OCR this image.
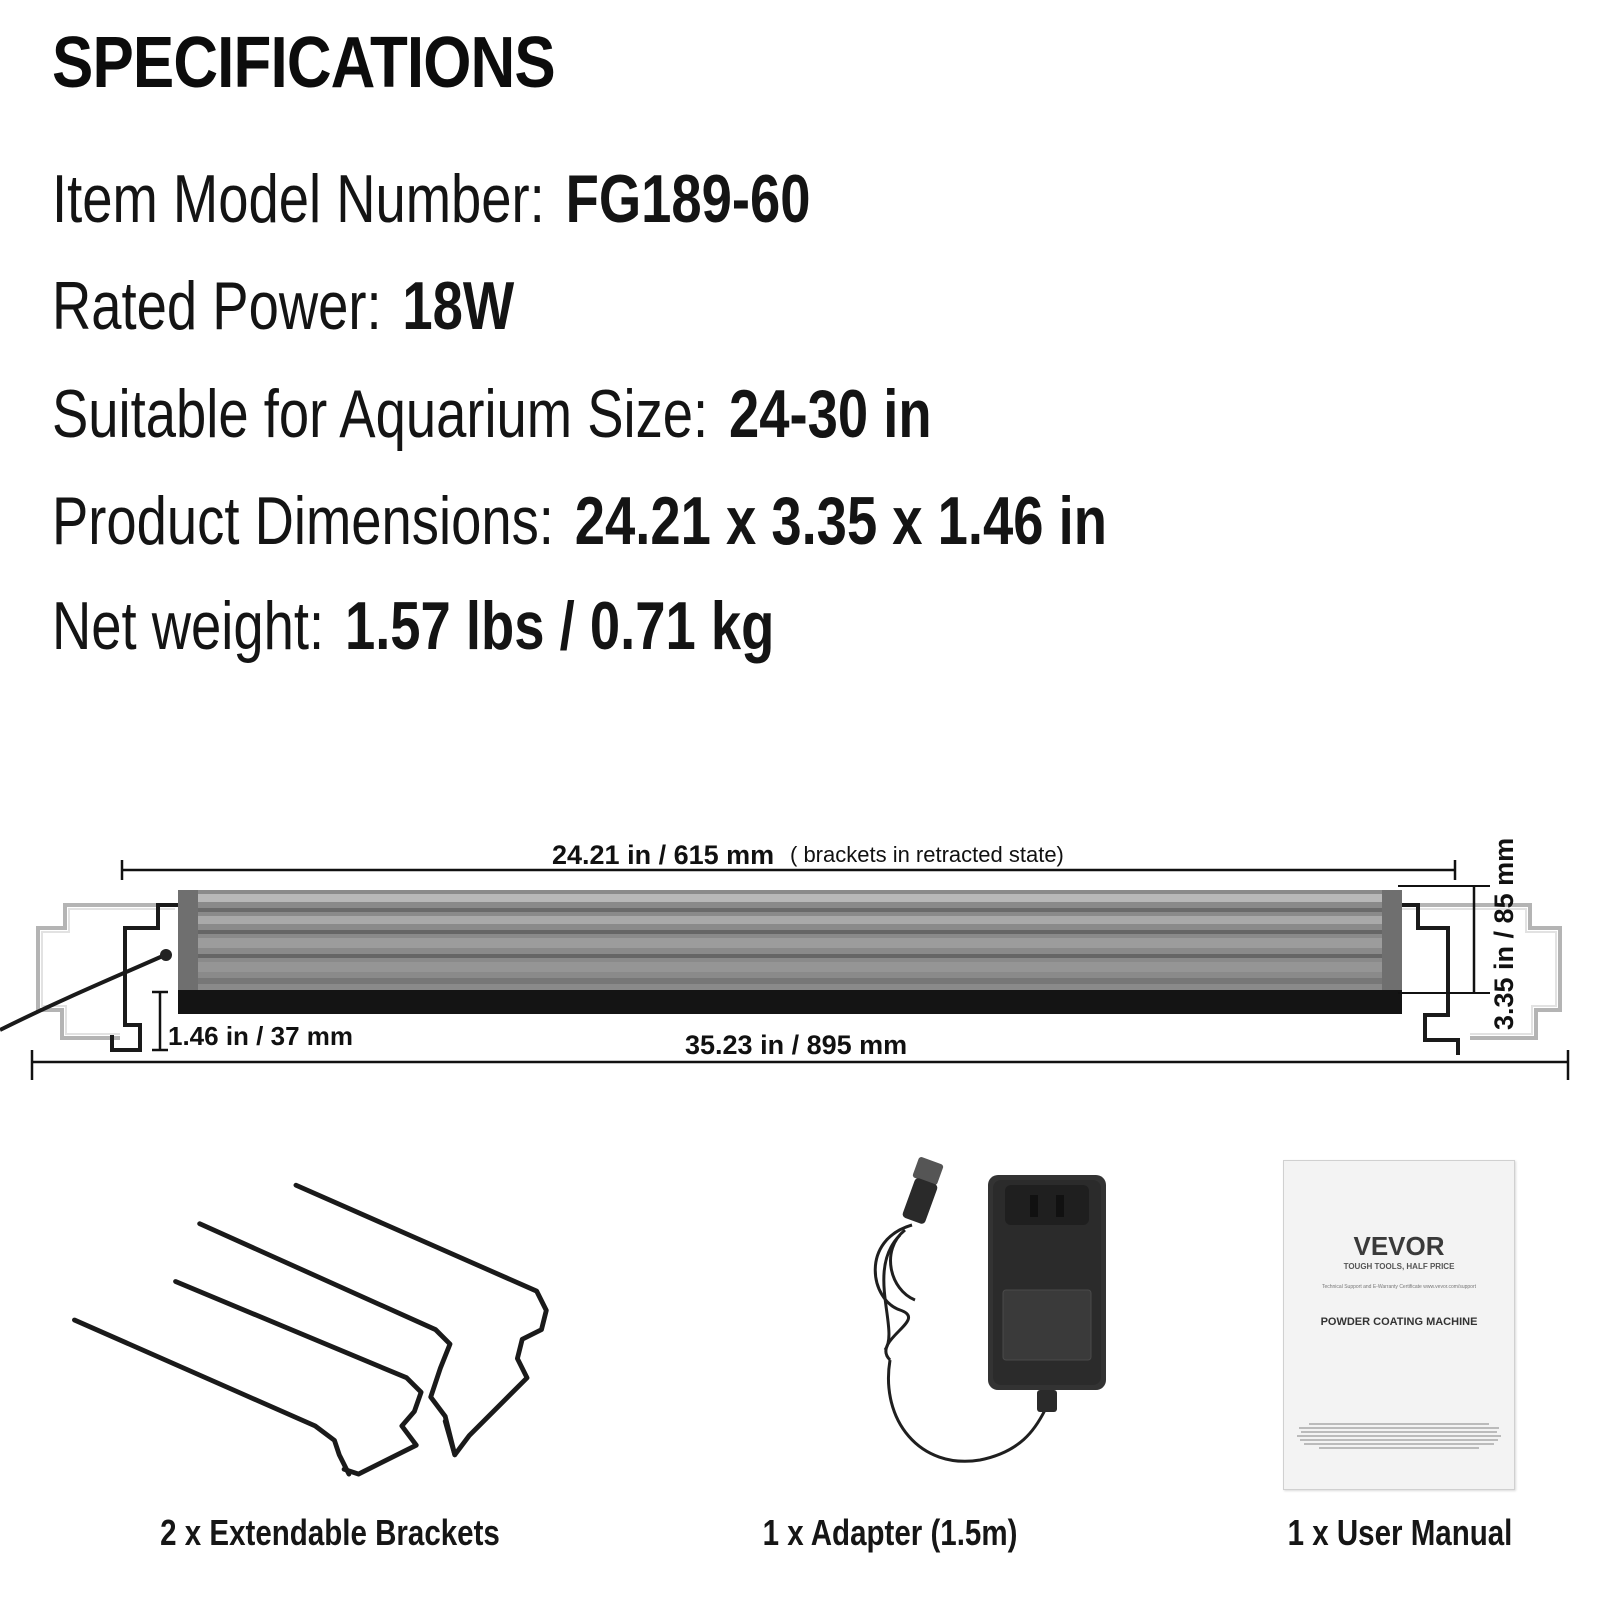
SPECIFICATIONS
Item Model Number: FG189-60
Rated Power: 18W
Suitable for Aquarium Size: 24-30 in
Product Dimensions: 24.21 x 3.35 x 1.46 in
Net weight: 1.57 lbs / 0.71 kg
24.21 in / 615 mm ( brackets in retracted state)
35.23 in / 895 mm
1.46 in / 37 mm
3.35 in / 85 mm
2 x Extendable Brackets	1 x Adapter (1.5m)
VEVOR
TOUGH TOOLS, HALF PRICE
Technical Support and E-Warranty Certificate www.vevor.com/support
POWDER COATING MACHINE
1 x User Manual
